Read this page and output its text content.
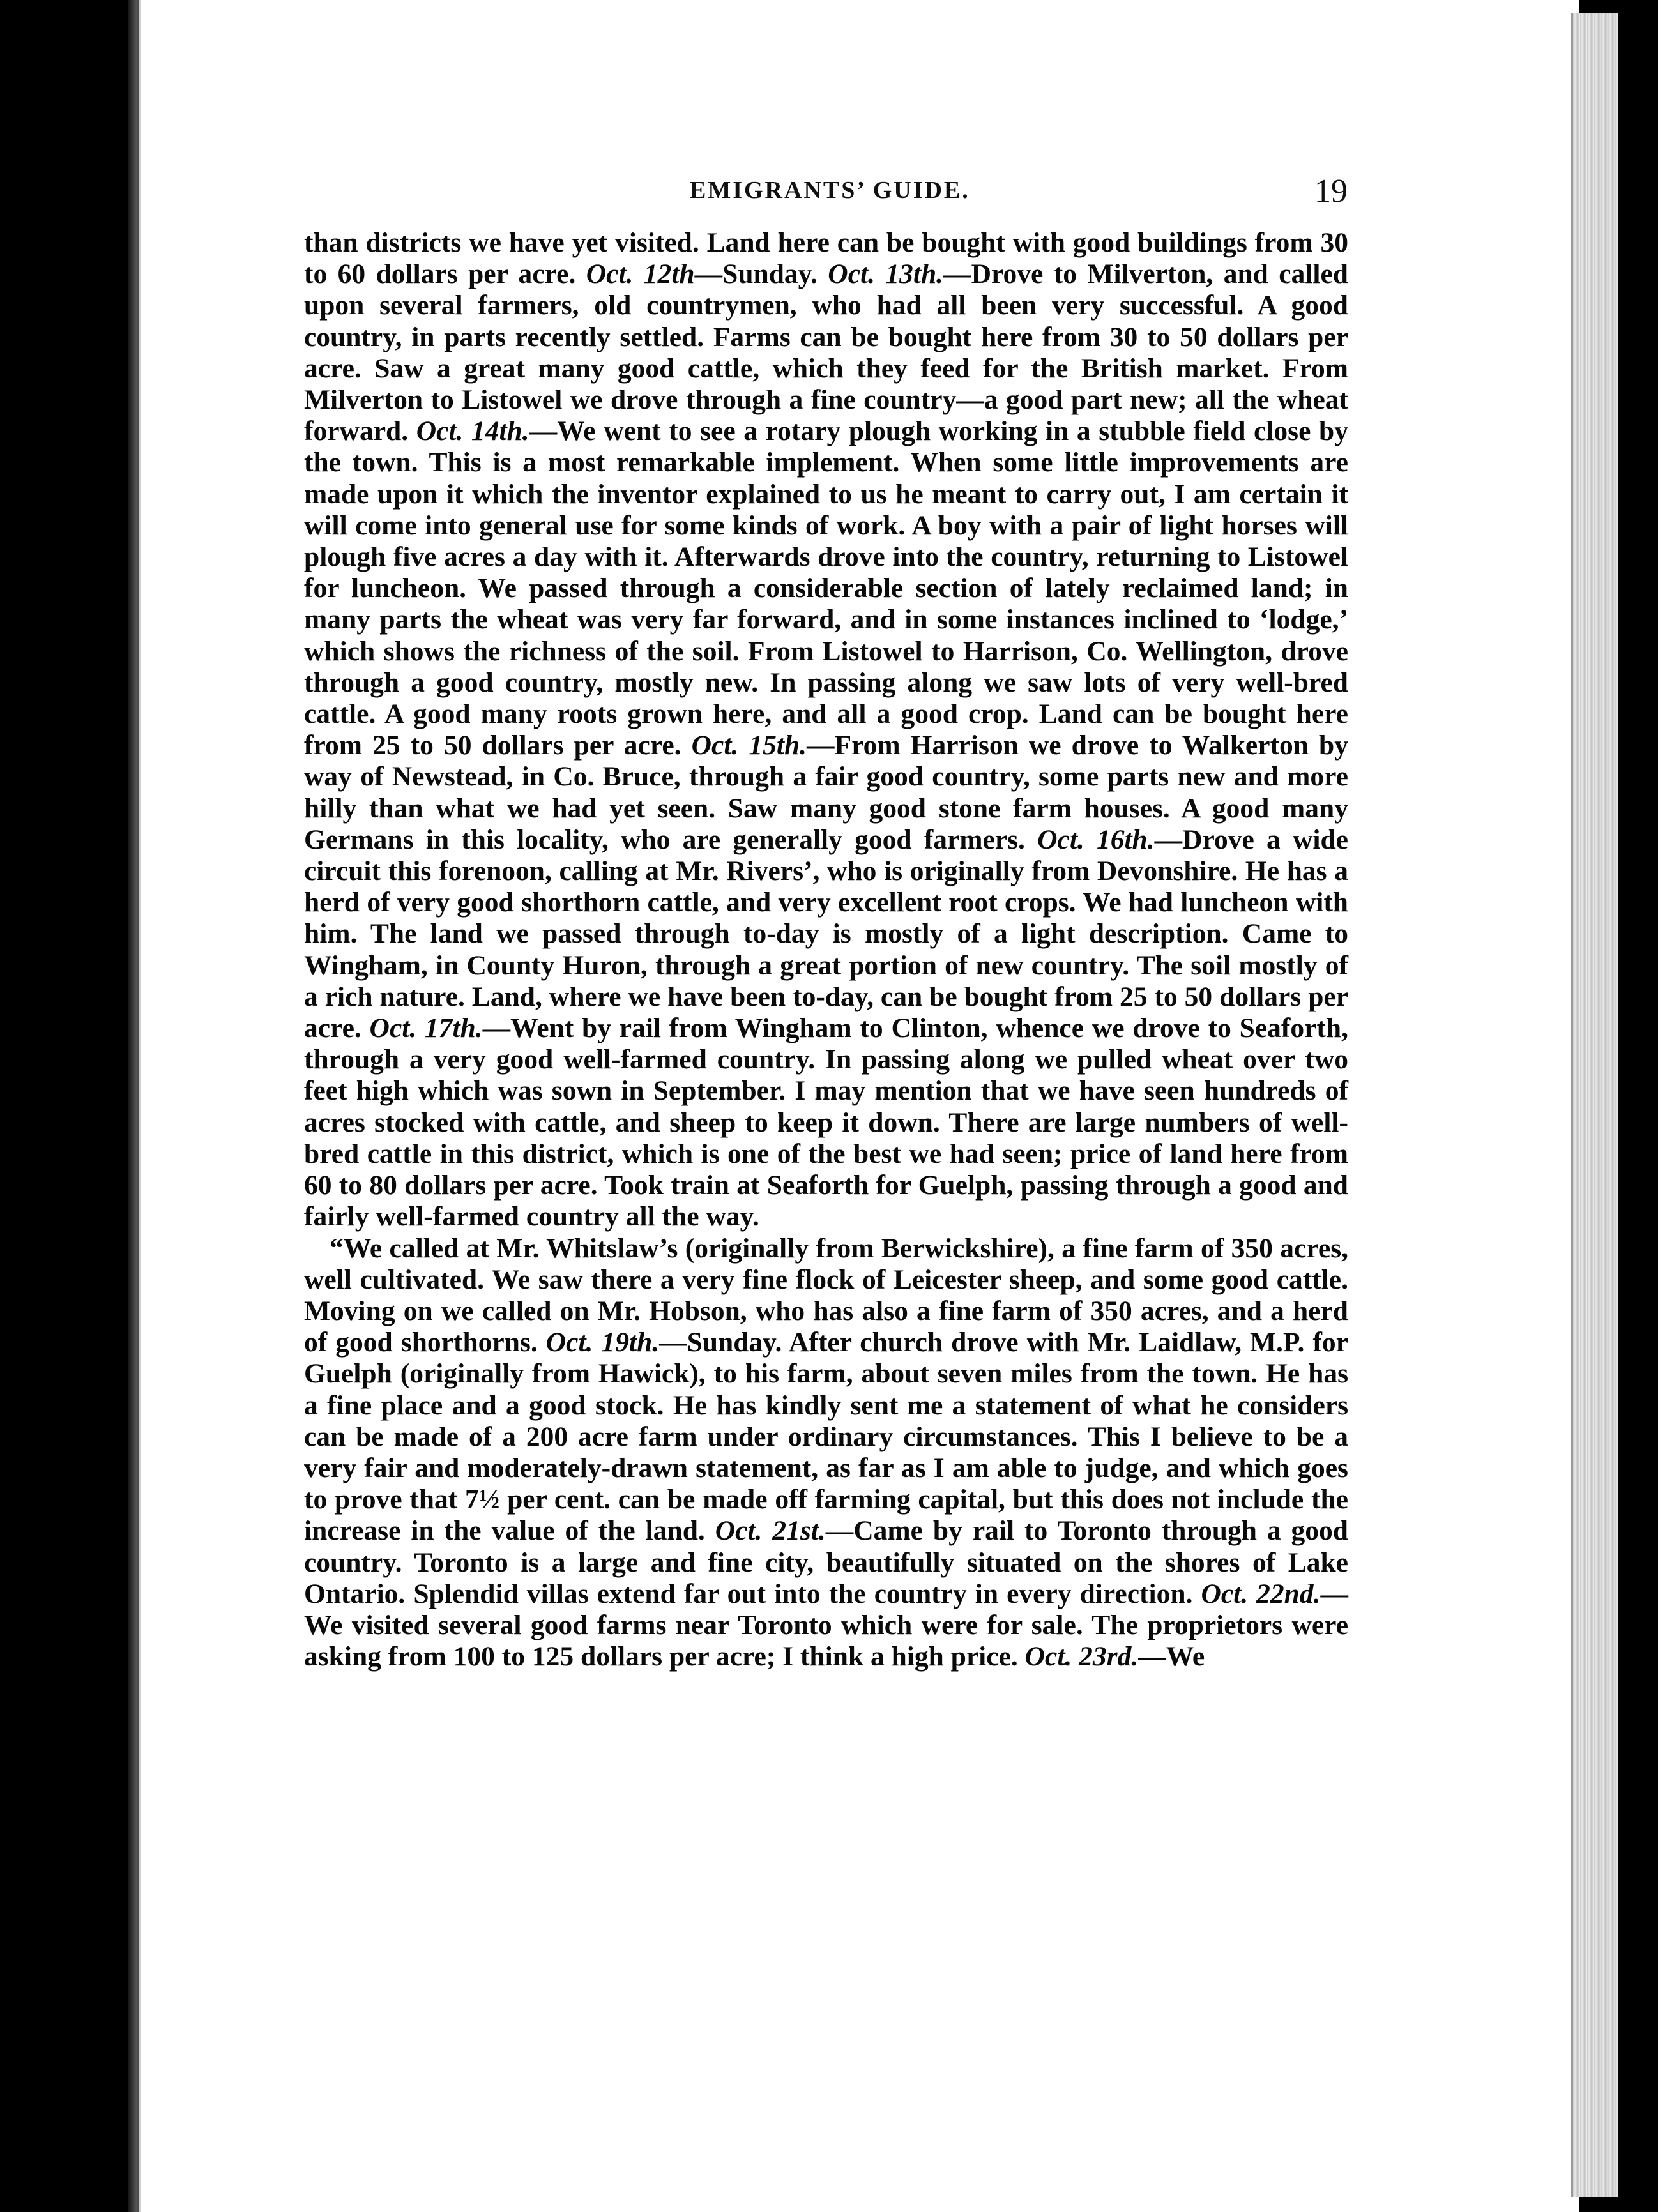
EMIGRANTS’ GUIDE.	19

than districts we have yet visited. Land here can be bought with good buildings from 30 to 60 dollars per acre. Oct. 12th—Sunday. Oct. 13th.—Drove to Milverton, and called upon several farmers, old countrymen, who had all been very successful. A good country, in parts recently settled. Farms can be bought here from 30 to 50 dollars per acre. Saw a great many good cattle, which they feed for the British market. From Milverton to Listowel we drove through a fine country—a good part new; all the wheat forward. Oct. 14th.—We went to see a rotary plough working in a stubble field close by the town. This is a most remarkable implement. When some little improvements are made upon it which the inventor explained to us he meant to carry out, I am certain it will come into general use for some kinds of work. A boy with a pair of light horses will plough five acres a day with it. Afterwards drove into the country, returning to Listowel for luncheon. We passed through a considerable section of lately reclaimed land; in many parts the wheat was very far forward, and in some instances inclined to ‘lodge,’ which shows the richness of the soil. From Listowel to Harrison, Co. Wellington, drove through a good country, mostly new. In passing along we saw lots of very well-bred cattle. A good many roots grown here, and all a good crop. Land can be bought here from 25 to 50 dollars per acre. Oct. 15th.—From Harrison we drove to Walkerton by way of Newstead, in Co. Bruce, through a fair good country, some parts new and more hilly than what we had yet seen. Saw many good stone farm houses. A good many Germans in this locality, who are generally good farmers. Oct. 16th.—Drove a wide circuit this forenoon, calling at Mr. Rivers’, who is originally from Devonshire. He has a herd of very good shorthorn cattle, and very excellent root crops. We had luncheon with him. The land we passed through to-day is mostly of a light description. Came to Wingham, in County Huron, through a great portion of new country. The soil mostly of a rich nature. Land, where we have been to-day, can be bought from 25 to 50 dollars per acre. Oct. 17th.—Went by rail from Wingham to Clinton, whence we drove to Seaforth, through a very good well-farmed country. In passing along we pulled wheat over two feet high which was sown in September. I may mention that we have seen hundreds of acres stocked with cattle, and sheep to keep it down. There are large numbers of well-bred cattle in this district, which is one of the best we had seen; price of land here from 60 to 80 dollars per acre. Took train at Seaforth for Guelph, passing through a good and fairly well-farmed country all the way.

“We called at Mr. Whitslaw’s (originally from Berwickshire), a fine farm of 350 acres, well cultivated. We saw there a very fine flock of Leicester sheep, and some good cattle. Moving on we called on Mr. Hobson, who has also a fine farm of 350 acres, and a herd of good shorthorns. Oct. 19th.—Sunday. After church drove with Mr. Laidlaw, M.P. for Guelph (originally from Hawick), to his farm, about seven miles from the town. He has a fine place and a good stock. He has kindly sent me a statement of what he considers can be made of a 200 acre farm under ordinary circumstances. This I believe to be a very fair and moderately-drawn statement, as far as I am able to judge, and which goes to prove that 7½ per cent. can be made off farming capital, but this does not include the increase in the value of the land. Oct. 21st.—Came by rail to Toronto through a good country. Toronto is a large and fine city, beautifully situated on the shores of Lake Ontario. Splendid villas extend far out into the country in every direction. Oct. 22nd.—We visited several good farms near Toronto which were for sale. The proprietors were asking from 100 to 125 dollars per acre; I think a high price. Oct. 23rd.—We
